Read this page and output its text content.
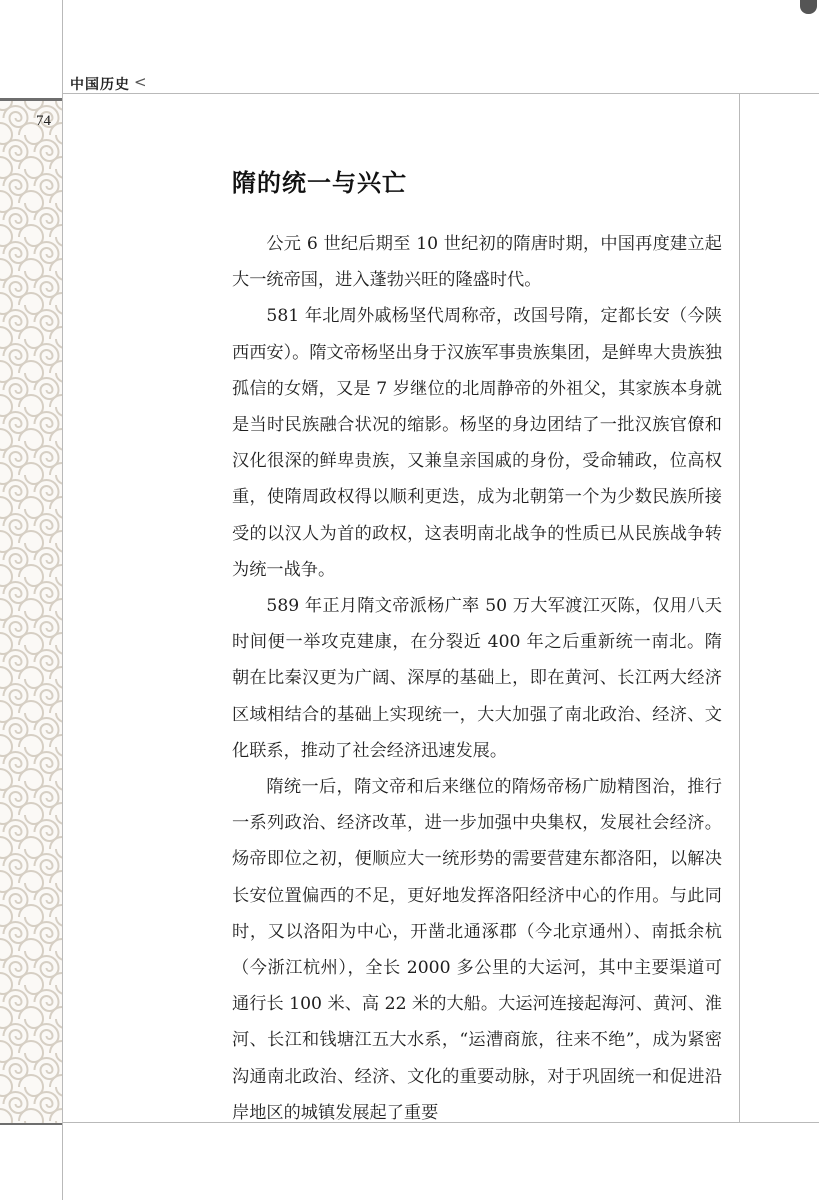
中国历史 <
74
隋的统一与兴亡

公元 6 世纪后期至 10 世纪初的隋唐时期，中国再度建立起大一统帝国，进入蓬勃兴旺的隆盛时代。

581 年北周外戚杨坚代周称帝，改国号隋，定都长安（今陕西西安）。隋文帝杨坚出身于汉族军事贵族集团，是鲜卑大贵族独孤信的女婿，又是 7 岁继位的北周静帝的外祖父，其家族本身就是当时民族融合状况的缩影。杨坚的身边团结了一批汉族官僚和汉化很深的鲜卑贵族，又兼皇亲国戚的身份，受命辅政，位高权重，使隋周政权得以顺利更迭，成为北朝第一个为少数民族所接受的以汉人为首的政权，这表明南北战争的性质已从民族战争转为统一战争。

589 年正月隋文帝派杨广率 50 万大军渡江灭陈，仅用八天时间便一举攻克建康，在分裂近 400 年之后重新统一南北。隋朝在比秦汉更为广阔、深厚的基础上，即在黄河、长江两大经济区域相结合的基础上实现统一，大大加强了南北政治、经济、文化联系，推动了社会经济迅速发展。

隋统一后，隋文帝和后来继位的隋炀帝杨广励精图治，推行一系列政治、经济改革，进一步加强中央集权，发展社会经济。炀帝即位之初，便顺应大一统形势的需要营建东都洛阳，以解决长安位置偏西的不足，更好地发挥洛阳经济中心的作用。与此同时，又以洛阳为中心，开凿北通涿郡（今北京通州）、南抵余杭（今浙江杭州），全长 2000 多公里的大运河，其中主要渠道可通行长 100 米、高 22 米的大船。大运河连接起海河、黄河、淮河、长江和钱塘江五大水系，“运漕商旅，往来不绝”，成为紧密沟通南北政治、经济、文化的重要动脉，对于巩固统一和促进沿岸地区的城镇发展起了重要
